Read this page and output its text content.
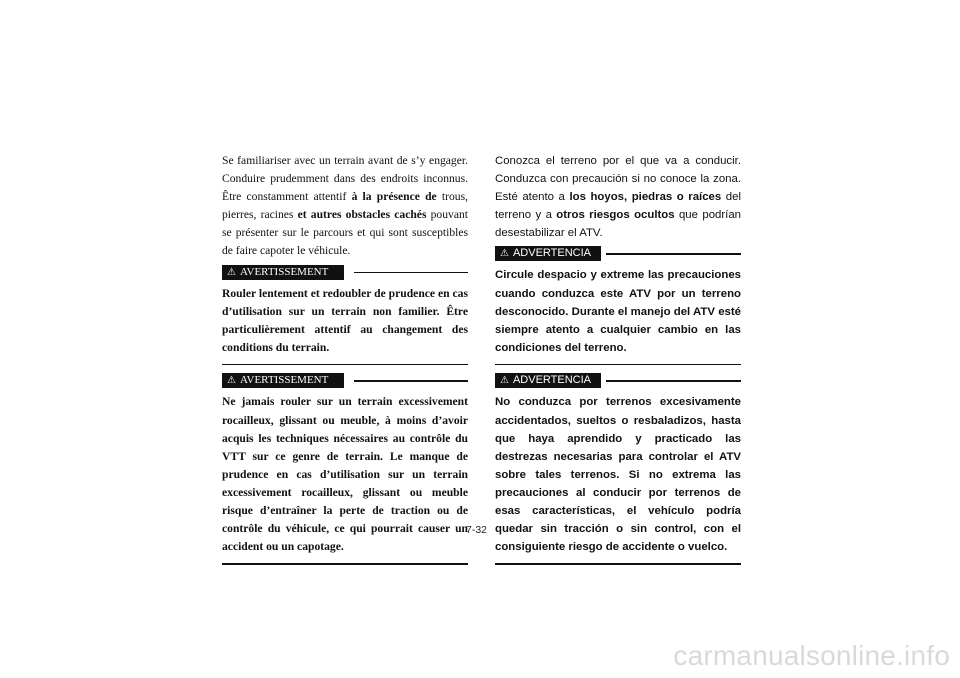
Se familiariser avec un terrain avant de s’y engager. Conduire prudemment dans des endroits inconnus. Être constamment attentif à la présence de trous, pierres, racines et autres obstacles cachés pouvant se présenter sur le parcours et qui sont susceptibles de faire capoter le véhicule.

⚠ AVERTISSEMENT

Rouler lentement et redoubler de prudence en cas d’utilisation sur un terrain non familier. Être particulièrement attentif au changement des conditions du terrain.

⚠ AVERTISSEMENT

Ne jamais rouler sur un terrain excessivement rocailleux, glissant ou meuble, à moins d’avoir acquis les techniques nécessaires au contrôle du VTT sur ce genre de terrain. Le manque de prudence en cas d’utilisation sur un terrain excessivement rocailleux, glissant ou meuble risque d’entraîner la perte de traction ou de contrôle du véhicule, ce qui pourrait causer un accident ou un capotage.

Conozca el terreno por el que va a conducir. Conduzca con precaución si no conoce la zona. Esté atento a los hoyos, piedras o raíces del terreno y a otros riesgos ocultos que podrían desestabilizar el ATV.

⚠ ADVERTENCIA

Circule despacio y extreme las precauciones cuando conduzca este ATV por un terreno desconocido. Durante el manejo del ATV esté siempre atento a cualquier cambio en las condiciones del terreno.

⚠ ADVERTENCIA

No conduzca por terrenos excesivamente accidentados, sueltos o resbaladizos, hasta que haya aprendido y practicado las destrezas necesarias para controlar el ATV sobre tales terrenos. Si no extrema las precauciones al conducir por terrenos de esas características, el vehículo podría quedar sin tracción o sin control, con el consiguiente riesgo de accidente o vuelco.

7-32
carmanualsonline.info
